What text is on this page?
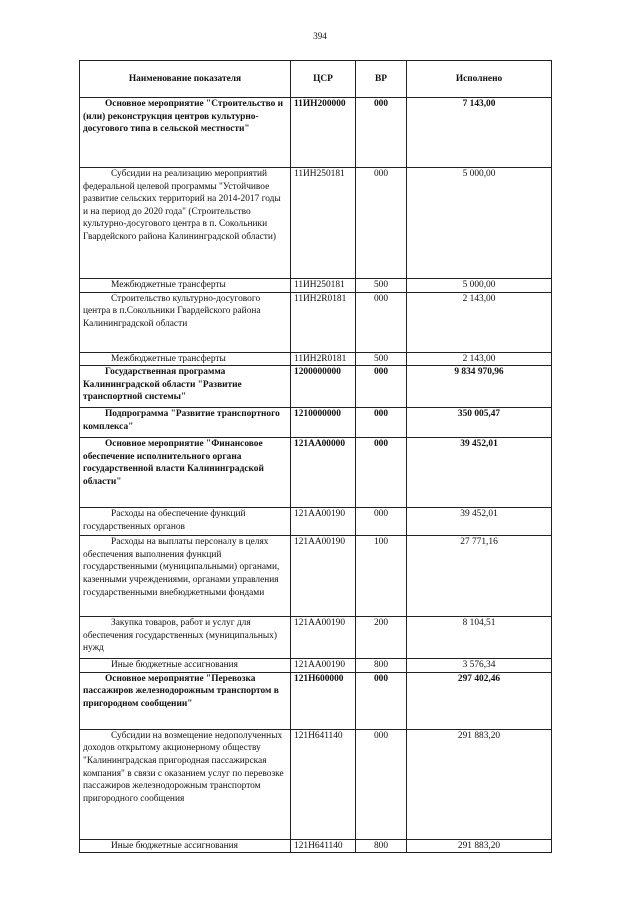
394
Наименование показателя	ЦСР	ВР	Исполнено
Основное мероприятие "Строительство и (или) реконструкция центров культурно-досугового типа в сельской местности"	11ИН200000	000	7 143,00
Субсидии на реализацию мероприятий федеральной целевой программы "Устойчивое развитие сельских территорий на 2014-2017 годы и на период до 2020 года" (Строительство культурно-досугового центра в п. Сокольники Гвардейского района Калининградской области)	11ИН250181	000	5 000,00
Межбюджетные трансферты	11ИН250181	500	5 000,00
Строительство культурно-досугового центра в п.Сокольники Гвардейского района Калининградской области	11ИН2R0181	000	2 143,00
Межбюджетные трансферты	11ИН2R0181	500	2 143,00
Государственная программа Калининградской области "Развитие транспортной системы"	1200000000	000	9 834 970,96
Подпрограмма "Развитие транспортного комплекса"	1210000000	000	350 005,47
Основное мероприятие "Финансовое обеспечение исполнительного органа государственной власти Калининградской области"	121АА00000	000	39 452,01
Расходы на обеспечение функций государственных органов	121АА00190	000	39 452,01
Расходы на выплаты персоналу в целях обеспечения выполнения функций государственными (муниципальными) органами, казенными учреждениями, органами управления государственными внебюджетными фондами	121АА00190	100	27 771,16
Закупка товаров, работ и услуг для обеспечения государственных (муниципальных) нужд	121АА00190	200	8 104,51
Иные бюджетные ассигнования	121АА00190	800	3 576,34
Основное мероприятие "Перевозка пассажиров железнодорожным транспортом в пригородном сообщении"	121Н600000	000	297 402,46
Субсидии на возмещение недополученных доходов открытому акционерному обществу "Калининградская пригородная пассажирская компания" в связи с оказанием услуг по перевозке пассажиров железнодорожным транспортом пригородного сообщения	121Н641140	000	291 883,20
Иные бюджетные ассигнования	121Н641140	800	291 883,20
